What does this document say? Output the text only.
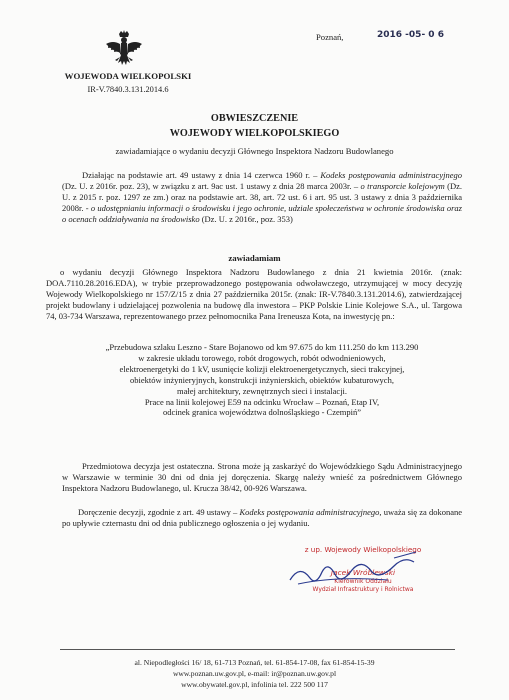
WOJEWODA WIELKOPOLSKI
IR-V.7840.3.131.2014.6
Poznań,	2016 -05- 0 6
OBWIESZCZENIE
WOJEWODY WIELKOPOLSKIEGO
zawiadamiające o wydaniu decyzji Głównego Inspektora Nadzoru Budowlanego
Działając na podstawie art. 49 ustawy z dnia 14 czerwca 1960 r. – Kodeks postępowania administracyjnego (Dz. U. z 2016r. poz. 23), w związku z art. 9ac ust. 1 ustawy z dnia 28 marca 2003r. – o transporcie kolejowym (Dz. U. z 2015 r. poz. 1297 ze zm.) oraz na podstawie art. 38, art. 72 ust. 6 i art. 95 ust. 3 ustawy z dnia 3 października 2008r. - o udostępnianiu informacji o środowisku i jego ochronie, udziale społeczeństwa w ochronie środowiska oraz o ocenach oddziaływania na środowisko (Dz. U. z 2016r., poz. 353)
zawiadamiam
o wydaniu decyzji Głównego Inspektora Nadzoru Budowlanego z dnia 21 kwietnia 2016r. (znak: DOA.7110.28.2016.EDA), w trybie przeprowadzonego postępowania odwoławczego, utrzymującej w mocy decyzję Wojewody Wielkopolskiego nr 157/Z/15 z dnia 27 października 2015r. (znak: IR-V.7840.3.131.2014.6), zatwierdzającej projekt budowlany i udzielającej pozwolenia na budowę dla inwestora – PKP Polskie Linie Kolejowe S.A., ul. Targowa 74, 03-734 Warszawa, reprezentowanego przez pełnomocnika Pana Ireneusza Kota, na inwestycję pn.:
„Przebudowa szlaku Leszno - Stare Bojanowo od km 97.675 do km 111.250 do km 113.290
w zakresie układu torowego, robót drogowych, robót odwodnieniowych,
elektroenergetyki do 1 kV, usunięcie kolizji elektroenergetycznych, sieci trakcyjnej,
obiektów inżynieryjnych, konstrukcji inżynierskich, obiektów kubaturowych,
małej architektury, zewnętrznych sieci i instalacji.
Prace na linii kolejowej E59 na odcinku Wrocław – Poznań, Etap IV,
odcinek granica województwa dolnośląskiego - Czempiń”
Przedmiotowa decyzja jest ostateczna. Strona może ją zaskarżyć do Wojewódzkiego Sądu Administracyjnego w Warszawie w terminie 30 dni od dnia jej doręczenia. Skargę należy wnieść za pośrednictwem Głównego Inspektora Nadzoru Budowlanego, ul. Krucza 38/42, 00-926 Warszawa.
Doręczenie decyzji, zgodnie z art. 49 ustawy – Kodeks postępowania administracyjnego, uważa się za dokonane po upływie czternastu dni od dnia publicznego ogłoszenia o jej wydaniu.
z up. Wojewody Wielkopolskiego
Jacek Wróblewski
Kierownik Oddziału
Wydział Infrastruktury i Rolnictwa
al. Niepodległości 16/ 18, 61-713 Poznań, tel. 61-854-17-08, fax 61-854-15-39
www.poznan.uw.gov.pl, e-mail: ir@poznan.uw.gov.pl
www.obywatel.gov.pl, infolinia tel. 222 500 117
